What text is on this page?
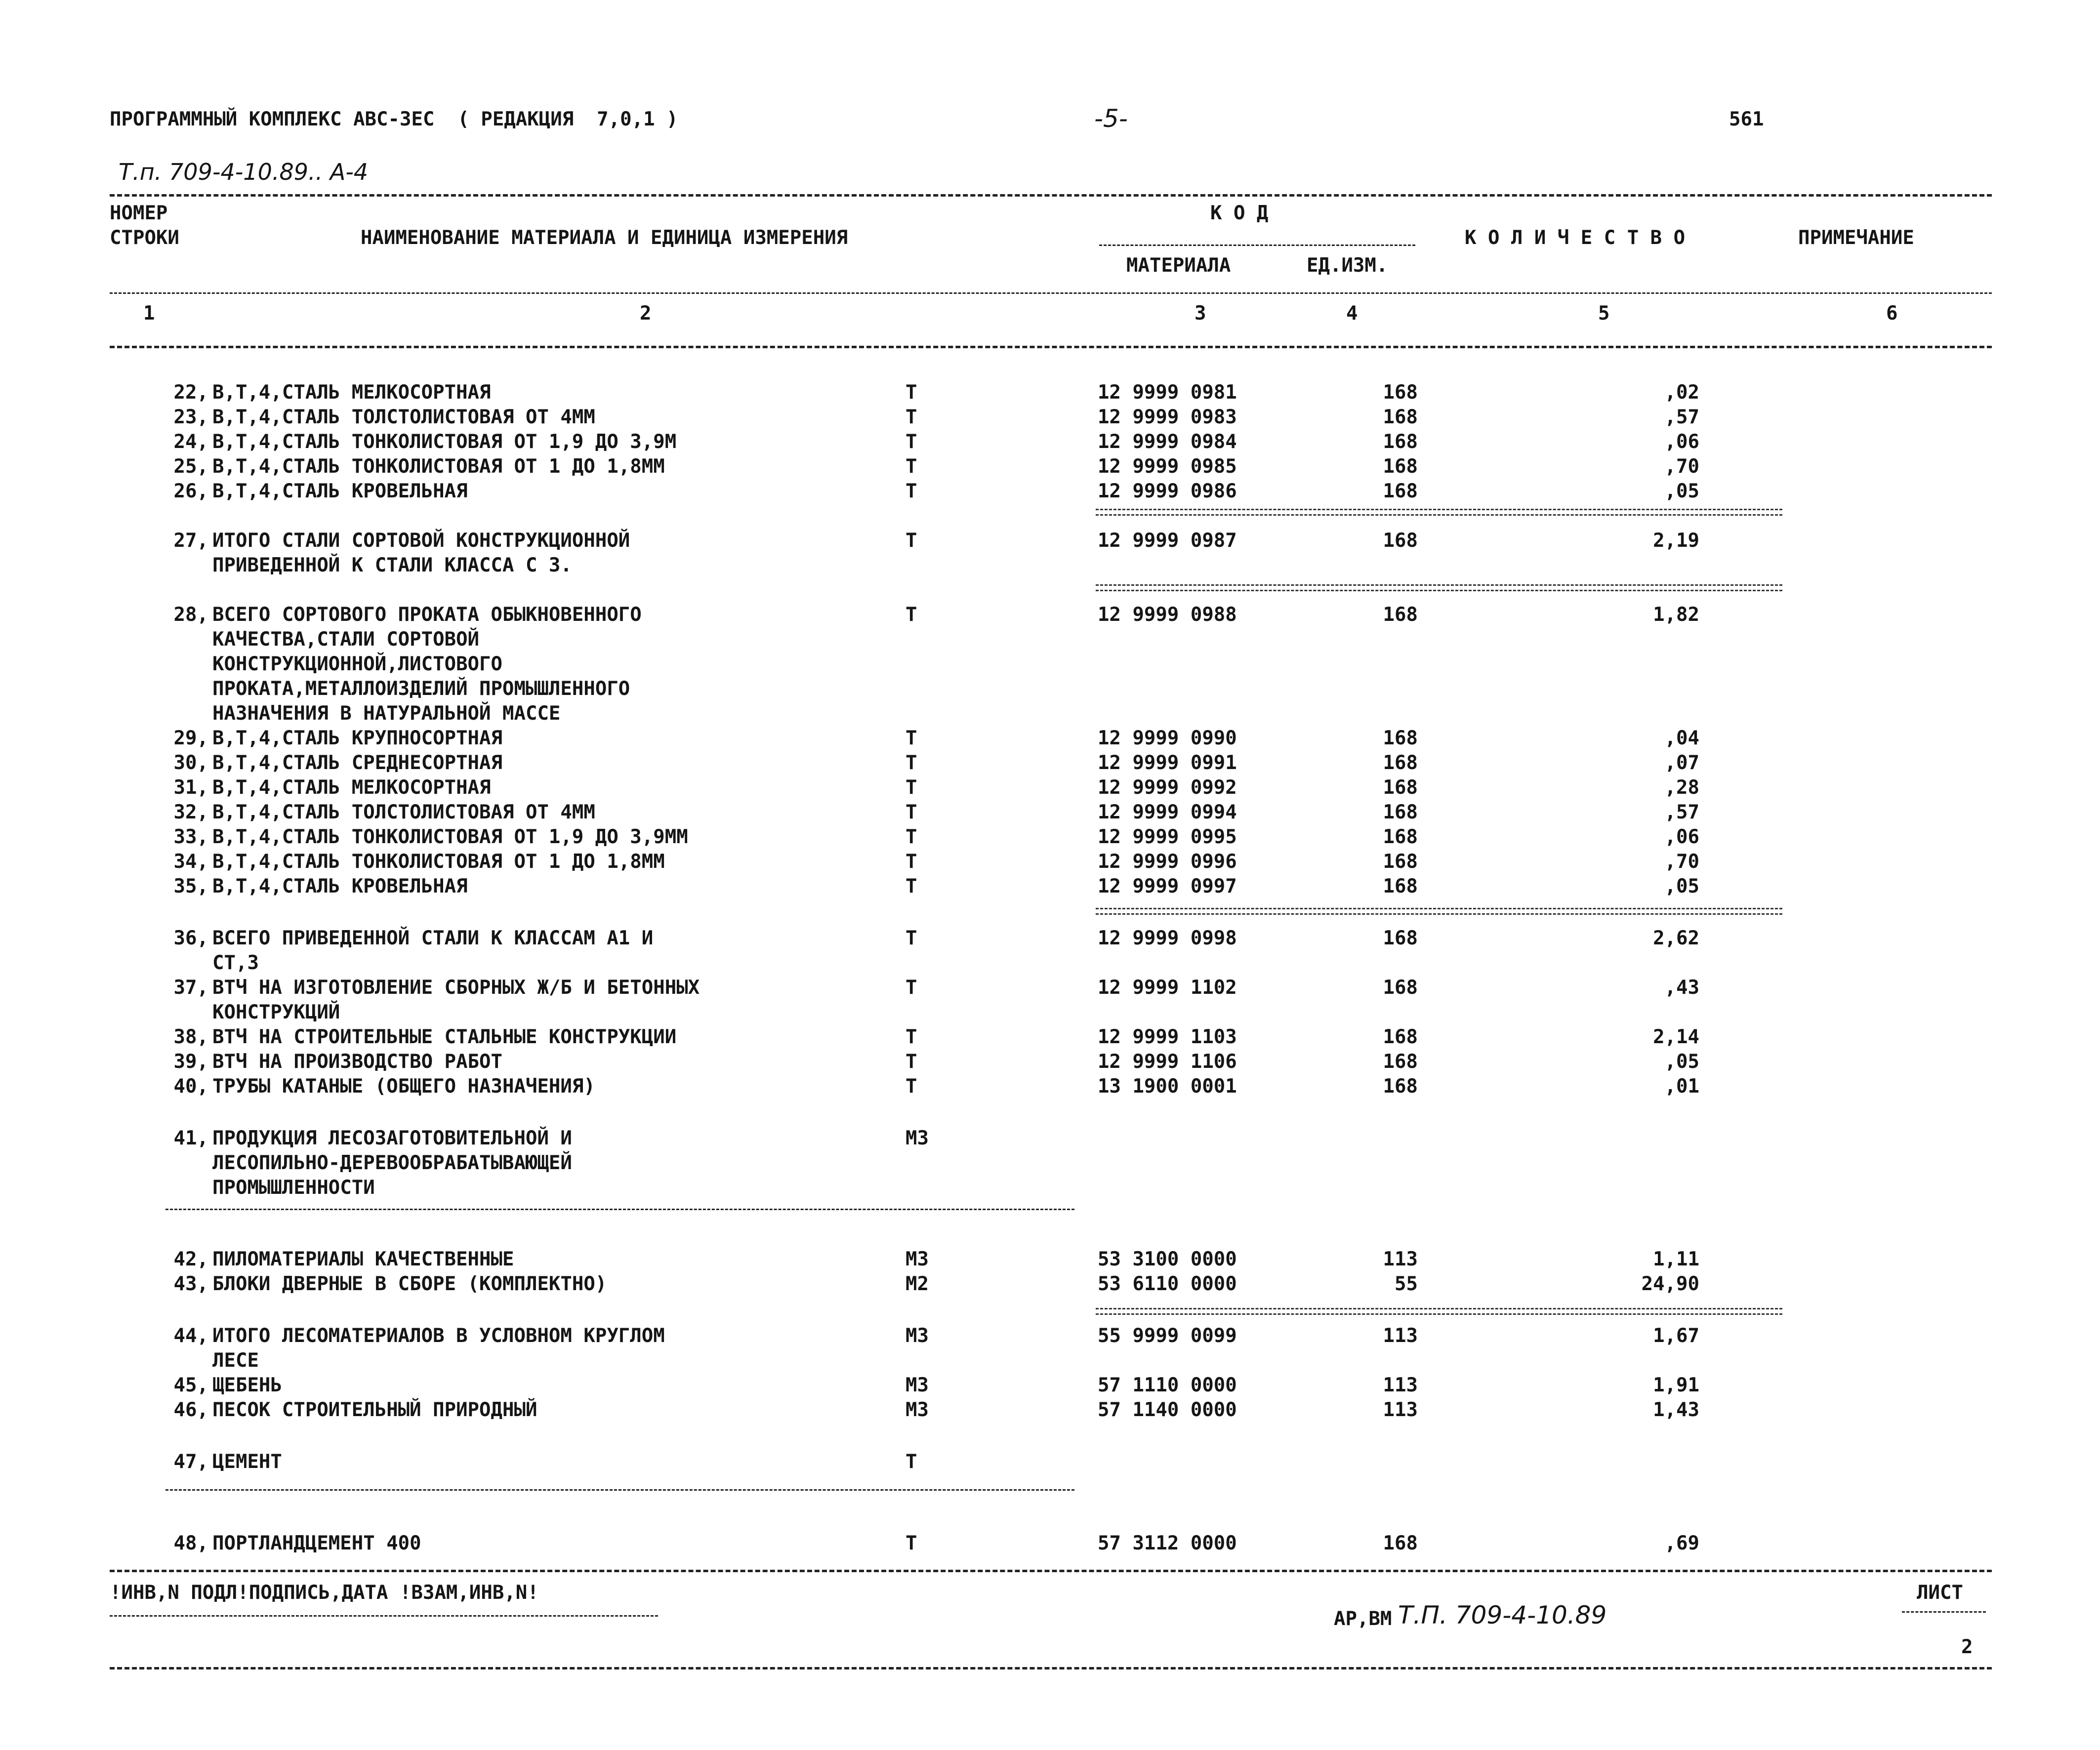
ПРОГРАММНЫЙ КОМПЛЕКС АВС-3ЕС  ( РЕДАКЦИЯ  7,0,1 )	-5-	561
Т.п. 709-4-10.89.. А-4
НОМЕР
СТРОКИ	НАИМЕНОВАНИЕ МАТЕРИАЛА И ЕДИНИЦА ИЗМЕРЕНИЯ
К О Д
МАТЕРИАЛА	ЕД.ИЗМ.
К О Л И Ч Е С Т В О	ПРИМЕЧАНИЕ
1	2	3	4	5	6
22, В,Т,4,СТАЛЬ МЕЛКОСОРТНАЯ	Т	12 9999 0981	168	,02
23, В,Т,4,СТАЛЬ ТОЛСТОЛИСТОВАЯ ОТ 4ММ	Т	12 9999 0983	168	,57
24, В,Т,4,СТАЛЬ ТОНКОЛИСТОВАЯ ОТ 1,9 ДО 3,9М	Т	12 9999 0984	168	,06
25, В,Т,4,СТАЛЬ ТОНКОЛИСТОВАЯ ОТ 1 ДО 1,8ММ	Т	12 9999 0985	168	,70
26, В,Т,4,СТАЛЬ КРОВЕЛЬНАЯ	Т	12 9999 0986	168	,05
27, ИТОГО СТАЛИ СОРТОВОЙ КОНСТРУКЦИОННОЙ
ПРИВЕДЕННОЙ К СТАЛИ КЛАССА С 3.
Т	12 9999 0987	168	2,19
28, ВСЕГО СОРТОВОГО ПРОКАТА ОБЫКНОВЕННОГО
КАЧЕСТВА,СТАЛИ СОРТОВОЙ
КОНСТРУКЦИОННОЙ,ЛИСТОВОГО
ПРОКАТА,МЕТАЛЛОИЗДЕЛИЙ ПРОМЫШЛЕННОГО
НАЗНАЧЕНИЯ В НАТУРАЛЬНОЙ МАССЕ
Т	12 9999 0988	168	1,82
29, В,Т,4,СТАЛЬ КРУПНОСОРТНАЯ	Т	12 9999 0990	168	,04
30, В,Т,4,СТАЛЬ СРЕДНЕСОРТНАЯ	Т	12 9999 0991	168	,07
31, В,Т,4,СТАЛЬ МЕЛКОСОРТНАЯ	Т	12 9999 0992	168	,28
32, В,Т,4,СТАЛЬ ТОЛСТОЛИСТОВАЯ ОТ 4ММ	Т	12 9999 0994	168	,57
33, В,Т,4,СТАЛЬ ТОНКОЛИСТОВАЯ ОТ 1,9 ДО 3,9ММ	Т	12 9999 0995	168	,06
34, В,Т,4,СТАЛЬ ТОНКОЛИСТОВАЯ ОТ 1 ДО 1,8ММ	Т	12 9999 0996	168	,70
35, В,Т,4,СТАЛЬ КРОВЕЛЬНАЯ	Т	12 9999 0997	168	,05
36, ВСЕГО ПРИВЕДЕННОЙ СТАЛИ К КЛАССАМ А1 И
СТ,3
Т	12 9999 0998	168	2,62
37, ВТЧ НА ИЗГОТОВЛЕНИЕ СБОРНЫХ Ж/Б И БЕТОННЫХ
КОНСТРУКЦИЙ
Т	12 9999 1102	168	,43
38, ВТЧ НА СТРОИТЕЛЬНЫЕ СТАЛЬНЫЕ КОНСТРУКЦИИ	Т	12 9999 1103	168	2,14
39, ВТЧ НА ПРОИЗВОДСТВО РАБОТ	Т	12 9999 1106	168	,05
40, ТРУБЫ КАТАНЫЕ (ОБЩЕГО НАЗНАЧЕНИЯ)	Т	13 1900 0001	168	,01
41, ПРОДУКЦИЯ ЛЕСОЗАГОТОВИТЕЛЬНОЙ И
ЛЕСОПИЛЬНО-ДЕРЕВООБРАБАТЫВАЮЩЕЙ
ПРОМЫШЛЕННОСТИ
М3
42, ПИЛОМАТЕРИАЛЫ КАЧЕСТВЕННЫЕ	М3	53 3100 0000	113	1,11
43, БЛОКИ ДВЕРНЫЕ В СБОРЕ (КОМПЛЕКТНО)	М2	53 6110 0000	55	24,90
44, ИТОГО ЛЕСОМАТЕРИАЛОВ В УСЛОВНОМ КРУГЛОМ
ЛЕСЕ
М3	55 9999 0099	113	1,67
45, ЩЕБЕНЬ	М3	57 1110 0000	113	1,91
46, ПЕСОК СТРОИТЕЛЬНЫЙ ПРИРОДНЫЙ	М3	57 1140 0000	113	1,43
47, ЦЕМЕНТ	Т
48, ПОРТЛАНДЦЕМЕНТ 400	Т	57 3112 0000	168	,69
!ИНВ,N ПОДЛ!ПОДПИСЬ,ДАТА !ВЗАМ,ИНВ,N!
АР,ВМ Т.П. 709-4-10.89
ЛИСТ
2
